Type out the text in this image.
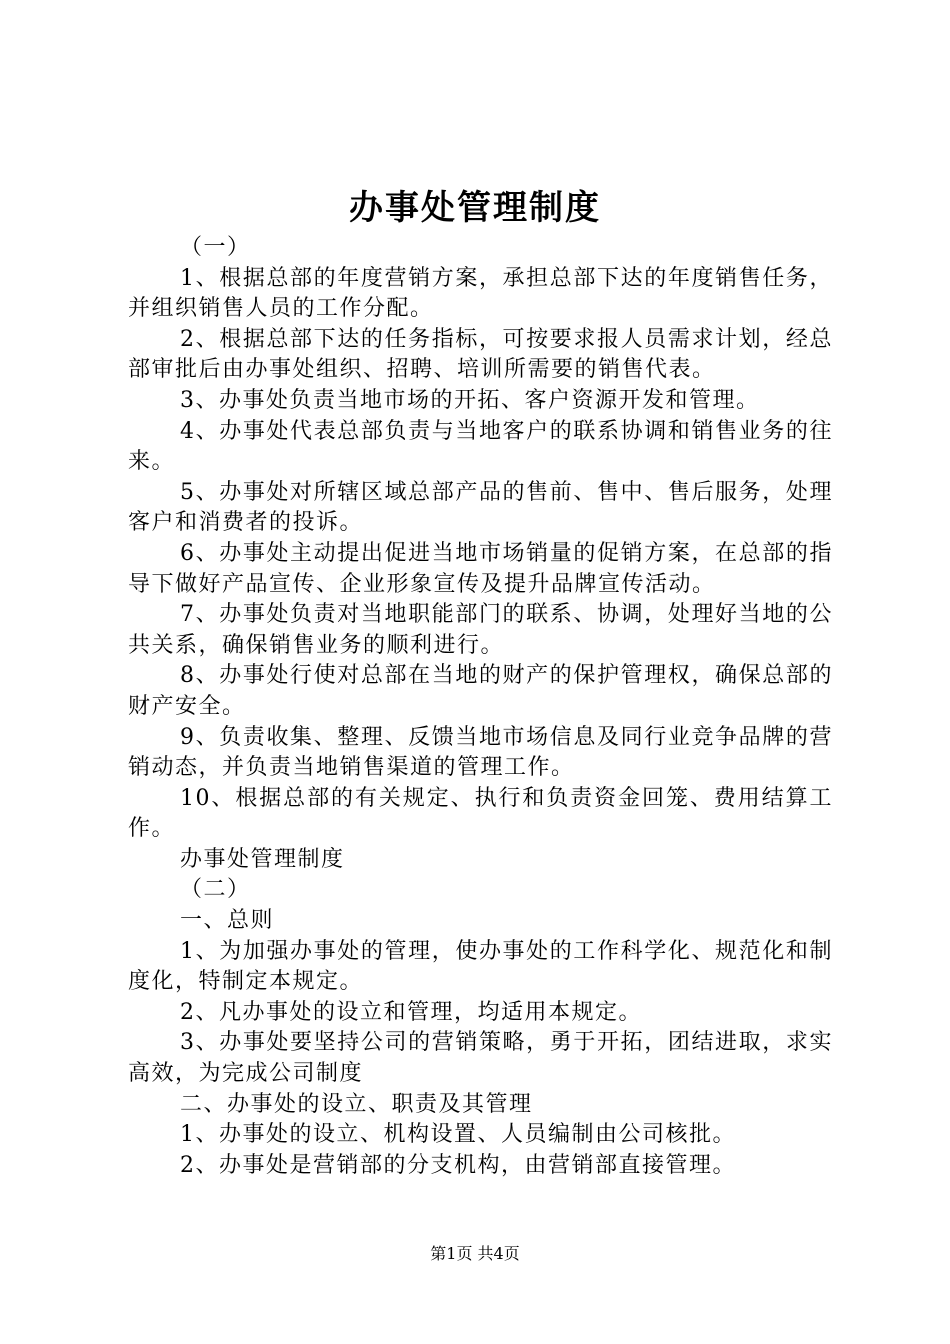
办事处管理制度

（一）

1、根据总部的年度营销方案，承担总部下达的年度销售任务，并组织销售人员的工作分配。

2、根据总部下达的任务指标，可按要求报人员需求计划，经总部审批后由办事处组织、招聘、培训所需要的销售代表。

3、办事处负责当地市场的开拓、客户资源开发和管理。

4、办事处代表总部负责与当地客户的联系协调和销售业务的往来。

5、办事处对所辖区域总部产品的售前、售中、售后服务，处理客户和消费者的投诉。

6、办事处主动提出促进当地市场销量的促销方案，在总部的指导下做好产品宣传、企业形象宣传及提升品牌宣传活动。

7、办事处负责对当地职能部门的联系、协调，处理好当地的公共关系，确保销售业务的顺利进行。

8、办事处行使对总部在当地的财产的保护管理权，确保总部的财产安全。

9、负责收集、整理、反馈当地市场信息及同行业竞争品牌的营销动态，并负责当地销售渠道的管理工作。

10、根据总部的有关规定、执行和负责资金回笼、费用结算工作。

办事处管理制度

（二）

一、总则

1、为加强办事处的管理，使办事处的工作科学化、规范化和制度化，特制定本规定。

2、凡办事处的设立和管理，均适用本规定。

3、办事处要坚持公司的营销策略，勇于开拓，团结进取，求实高效，为完成公司制度

二、办事处的设立、职责及其管理

1、办事处的设立、机构设置、人员编制由公司核批。

2、办事处是营销部的分支机构，由营销部直接管理。

第1页 共4页
